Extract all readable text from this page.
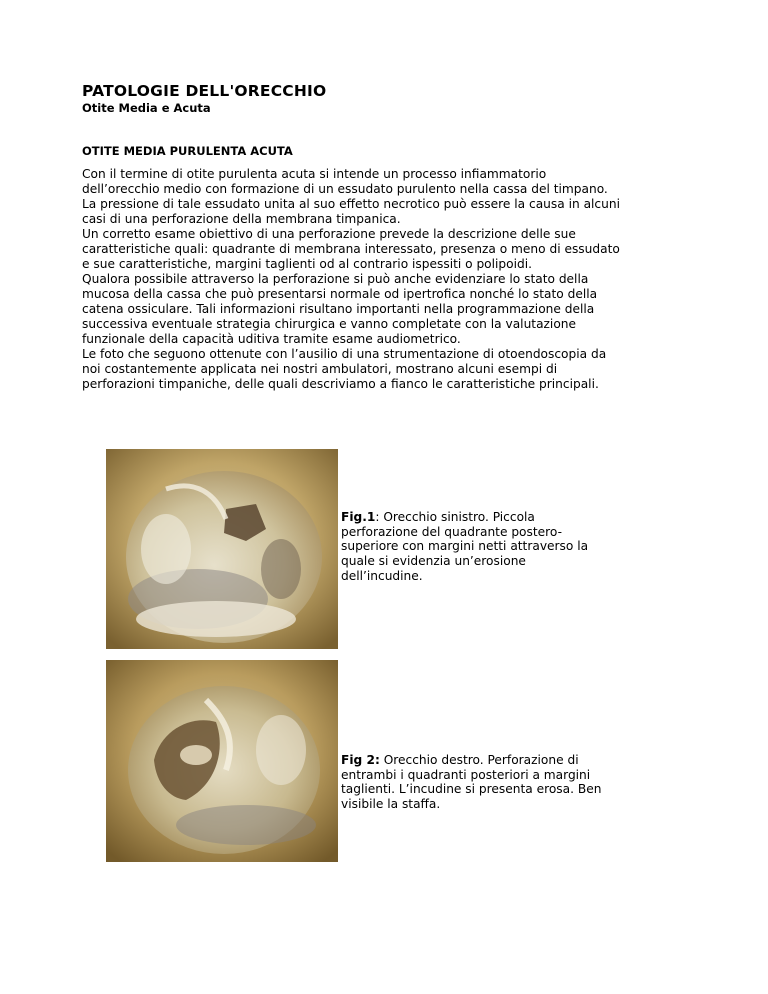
PATOLOGIE DELL'ORECCHIO
Otite Media e Acuta
OTITE MEDIA PURULENTA ACUTA

Con il termine di otite purulenta acuta si intende un processo infiammatorio dell’orecchio medio con formazione di un essudato purulento nella cassa del timpano. La pressione di tale essudato unita al suo effetto necrotico può essere la causa in alcuni casi di una perforazione della membrana timpanica.

Un corretto esame obiettivo di una perforazione prevede la descrizione delle sue caratteristiche quali: quadrante di membrana interessato, presenza o meno di essudato e sue caratteristiche, margini taglienti od al contrario ispessiti o polipoidi.

Qualora possibile attraverso la perforazione si può anche evidenziare lo stato della mucosa della cassa che può presentarsi normale od ipertrofica nonché lo stato della catena ossiculare. Tali informazioni risultano importanti nella programmazione della successiva eventuale strategia chirurgica e vanno completate con la valutazione funzionale della capacità uditiva tramite esame audiometrico.

Le foto che seguono ottenute con l’ausilio di una strumentazione di otoendoscopia da noi costantemente applicata nei nostri ambulatori, mostrano alcuni esempi di perforazioni timpaniche, delle quali descriviamo a fianco le caratteristiche principali.

Fig.1: Orecchio sinistro. Piccola perforazione del quadrante postero-superiore con margini netti attraverso la quale si evidenzia un’erosione dell’incudine.
Fig 2: Orecchio destro. Perforazione di entrambi i quadranti posteriori a margini taglienti. L’incudine si presenta erosa. Ben visibile la staffa.
